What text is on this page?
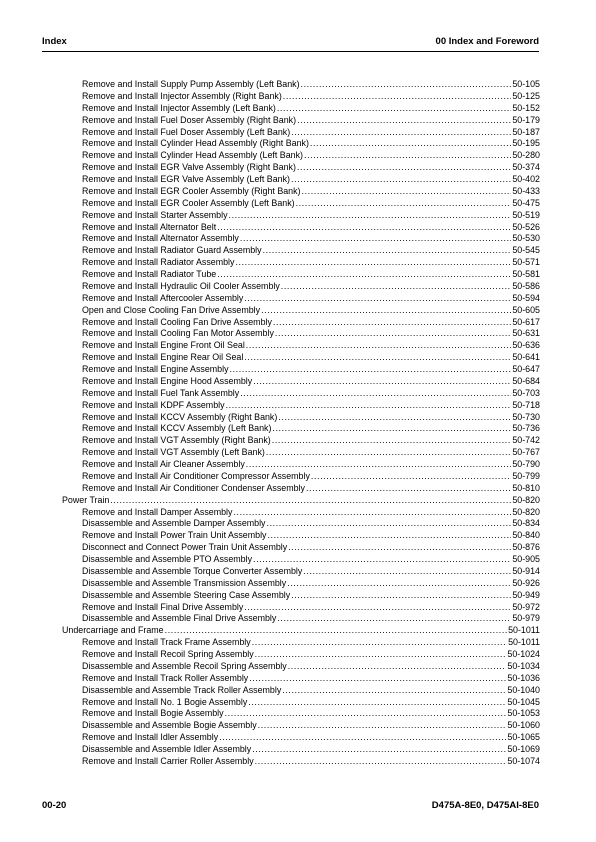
Index	00 Index and Foreword
Remove and Install Supply Pump Assembly (Left Bank) .....	50-105
Remove and Install Injector Assembly (Right Bank) .....	50-125
Remove and Install Injector Assembly (Left Bank) .....	50-152
Remove and Install Fuel Doser Assembly (Right Bank) .....	50-179
Remove and Install Fuel Doser Assembly (Left Bank) .....	50-187
Remove and Install Cylinder Head Assembly (Right Bank) .....	50-195
Remove and Install Cylinder Head Assembly (Left Bank) .....	50-280
Remove and Install EGR Valve Assembly (Right Bank) .....	50-374
Remove and Install EGR Valve Assembly (Left Bank) .....	50-402
Remove and Install EGR Cooler Assembly (Right Bank) .....	50-433
Remove and Install EGR Cooler Assembly (Left Bank) .....	50-475
Remove and Install Starter Assembly .....	50-519
Remove and Install Alternator Belt .....	50-526
Remove and Install Alternator Assembly .....	50-530
Remove and Install Radiator Guard Assembly .....	50-545
Remove and Install Radiator Assembly .....	50-571
Remove and Install Radiator Tube .....	50-581
Remove and Install Hydraulic Oil Cooler Assembly .....	50-586
Remove and Install Aftercooler Assembly .....	50-594
Open and Close Cooling Fan Drive Assembly .....	50-605
Remove and Install Cooling Fan Drive Assembly .....	50-617
Remove and Install Cooling Fan Motor Assembly .....	50-631
Remove and Install Engine Front Oil Seal .....	50-636
Remove and Install Engine Rear Oil Seal .....	50-641
Remove and Install Engine Assembly .....	50-647
Remove and Install Engine Hood Assembly .....	50-684
Remove and Install Fuel Tank Assembly .....	50-703
Remove and Install KDPF Assembly .....	50-718
Remove and Install KCCV Assembly (Right Bank) .....	50-730
Remove and Install KCCV Assembly (Left Bank) .....	50-736
Remove and Install VGT Assembly (Right Bank) .....	50-742
Remove and Install VGT Assembly (Left Bank) .....	50-767
Remove and Install Air Cleaner Assembly .....	50-790
Remove and Install Air Conditioner Compressor Assembly .....	50-799
Remove and Install Air Conditioner Condenser Assembly .....	50-810
Power Train .....	50-820
Remove and Install Damper Assembly .....	50-820
Disassemble and Assemble Damper Assembly .....	50-834
Remove and Install Power Train Unit Assembly .....	50-840
Disconnect and Connect Power Train Unit Assembly .....	50-876
Disassemble and Assemble PTO Assembly .....	50-905
Disassemble and Assemble Torque Converter Assembly .....	50-914
Disassemble and Assemble Transmission Assembly .....	50-926
Disassemble and Assemble Steering Case Assembly .....	50-949
Remove and Install Final Drive Assembly .....	50-972
Disassemble and Assemble Final Drive Assembly .....	50-979
Undercarriage and Frame .....	50-1011
Remove and Install Track Frame Assembly .....	50-1011
Remove and Install Recoil Spring Assembly .....	50-1024
Disassemble and Assemble Recoil Spring Assembly .....	50-1034
Remove and Install Track Roller Assembly .....	50-1036
Disassemble and Assemble Track Roller Assembly .....	50-1040
Remove and Install No. 1 Bogie Assembly .....	50-1045
Remove and Install Bogie Assembly .....	50-1053
Disassemble and Assemble Bogie Assembly .....	50-1060
Remove and Install Idler Assembly .....	50-1065
Disassemble and Assemble Idler Assembly .....	50-1069
Remove and Install Carrier Roller Assembly .....	50-1074
00-20	D475A-8E0, D475AI-8E0
